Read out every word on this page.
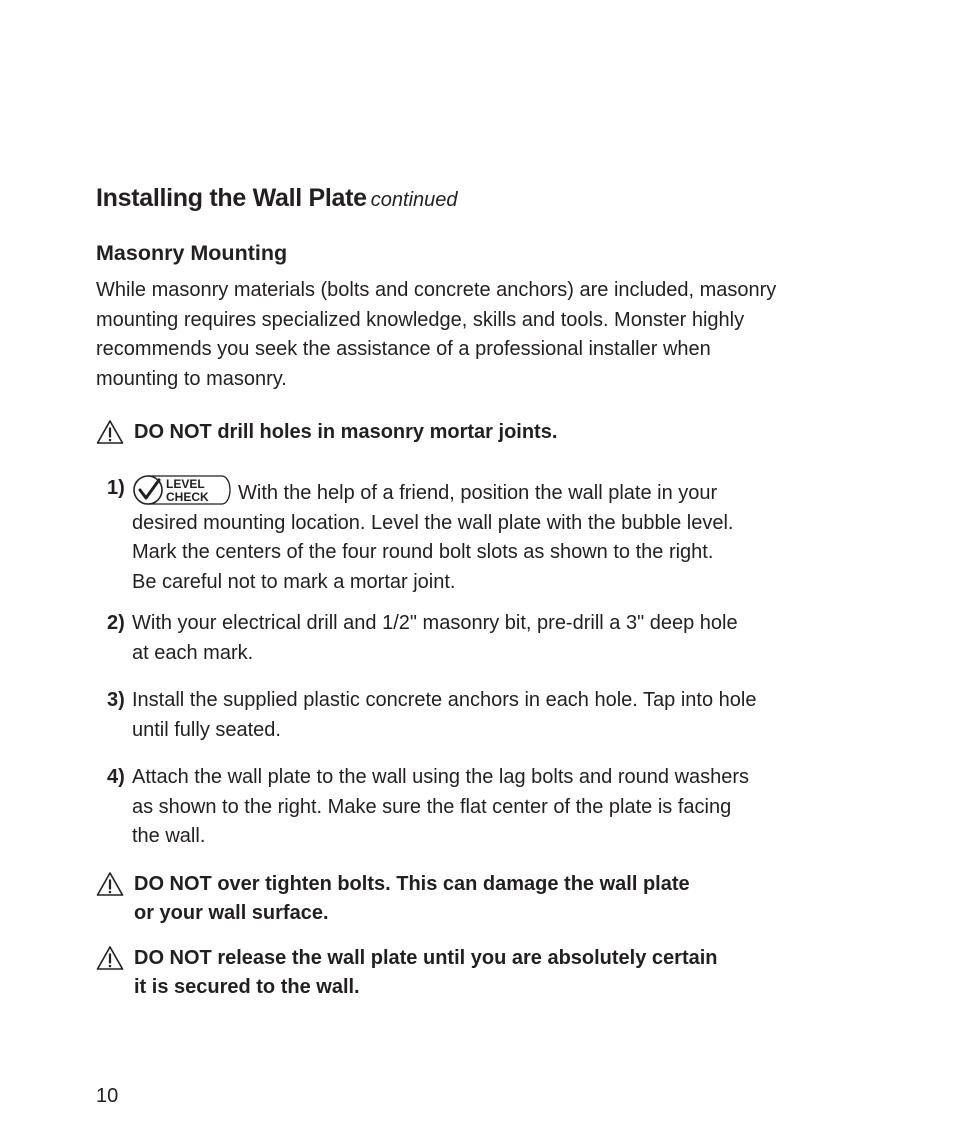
Installing the Wall Plate continued
Masonry Mounting
While masonry materials (bolts and concrete anchors) are included, masonry
mounting requires specialized knowledge, skills and tools. Monster highly
recommends you seek the assistance of a professional installer when
mounting to masonry.
DO NOT drill holes in masonry mortar joints.
1)	LEVEL
CHECK With the help of a friend, position the wall plate in your
desired mounting location. Level the wall plate with the bubble level.
Mark the centers of the four round bolt slots as shown to the right.
Be careful not to mark a mortar joint.
2) With your electrical drill and 1/2" masonry bit, pre-drill a 3" deep hole
at each mark.
3) Install the supplied plastic concrete anchors in each hole. Tap into hole
until fully seated.
4) Attach the wall plate to the wall using the lag bolts and round washers
as shown to the right. Make sure the flat center of the plate is facing
the wall.
DO NOT over tighten bolts. This can damage the wall plate
or your wall surface.
DO NOT release the wall plate until you are absolutely certain
it is secured to the wall.
10
